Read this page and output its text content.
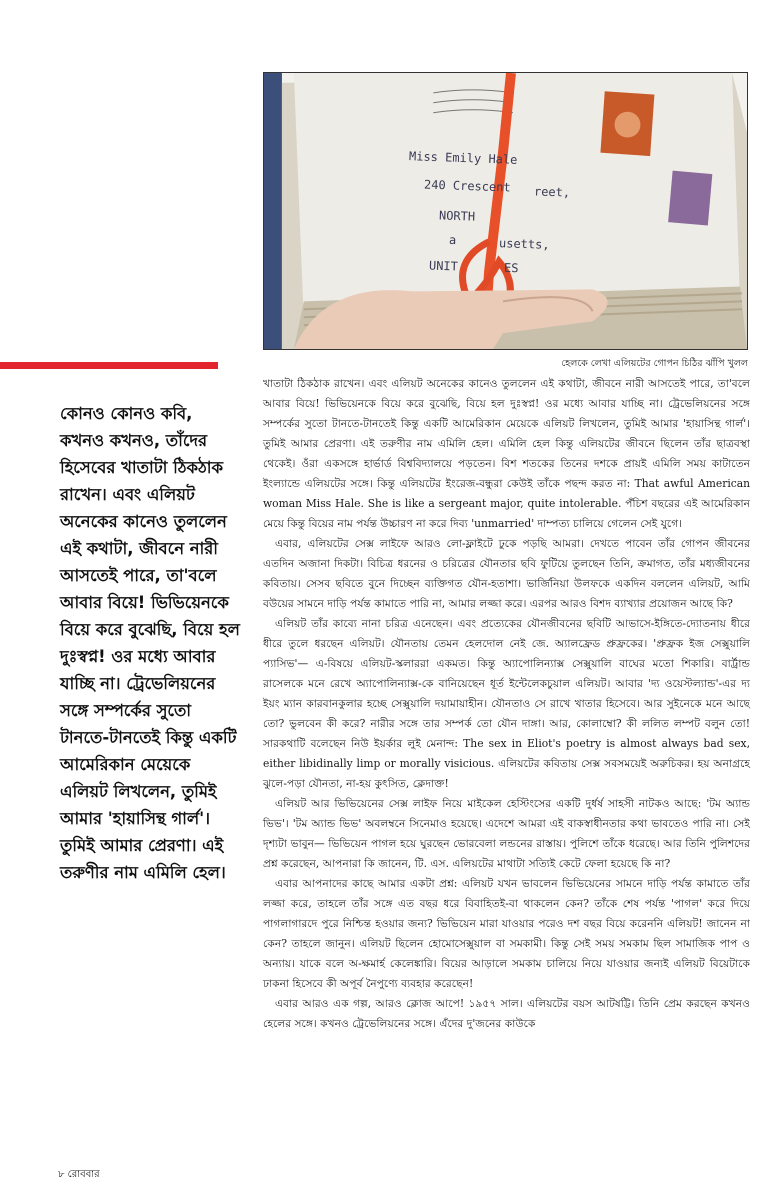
Miss Emily Hale
240 Crescent reet,
NORTH
a	usetts,
UNIT	ES
হেলকে লেখা এলিয়টের গোপন চিঠির ঝাঁপি খুলল
কোনও কোনও কবি, কখনও কখনও, তাঁদের হিসেবের খাতাটা ঠিকঠাক রাখেন। এবং এলিয়ট অনেকের কানেও তুললেন এই কথাটা, জীবনে নারী আসতেই পারে, তা'বলে আবার বিয়ে! ভিভিয়েনকে বিয়ে করে বুঝেছি, বিয়ে হল দুঃস্বপ্ন! ওর মধ্যে আবার যাচ্ছি না। ট্রেভেলিয়নের সঙ্গে সম্পর্কের সুতো টানতে-টানতেই কিন্তু একটি আমেরিকান মেয়েকে এলিয়ট লিখলেন, তুমিই আমার 'হায়াসিন্থ গার্ল'। তুমিই আমার প্রেরণা। এই তরুণীর নাম এমিলি হেল।

খাতাটা ঠিকঠাক রাখেন। এবং এলিয়ট অনেকের কানেও তুললেন এই কথাটা, জীবনে নারী আসতেই পারে, তা'বলে আবার বিয়ে! ভিভিয়েনকে বিয়ে করে বুঝেছি, বিয়ে হল দুঃস্বপ্ন! ওর মধ্যে আবার যাচ্ছি না। ট্রেভেলিয়নের সঙ্গে সম্পর্কের সুতো টানতে-টানতেই কিন্তু একটি আমেরিকান মেয়েকে এলিয়ট লিখলেন, তুমিই আমার 'হায়াসিন্থ গার্ল'। তুমিই আমার প্রেরণা। এই তরুণীর নাম এমিলি হেল। এমিলি হেল কিন্তু এলিয়টের জীবনে ছিলেন তাঁর ছাত্রবস্থা থেকেই। ওঁরা একসঙ্গে হার্ভার্ড বিশ্ববিদ্যালয়ে পড়তেন। বিশ শতকের তিনের দশকে প্রায়ই এমিলি সময় কাটাতেন ইংল্যান্ডে এলিয়টের সঙ্গে। কিন্তু এলিয়টের ইংরেজ-বন্ধুরা কেউই তাঁকে পছন্দ করত না: That awful American woman Miss Hale. She is like a sergeant major, quite intolerable. পঁচিশ বছরের এই আমেরিকান মেয়ে কিন্তু বিয়ের নাম পর্যন্ত উচ্চারণ না করে দিব্য 'unmarried' দাম্পত্য চালিয়ে গেলেন সেই যুগে।

এবার, এলিয়টের সেক্স লাইফে আরও লো-ফ্লাইটে ঢুকে পড়ছি আমরা। দেখতে পাবেন তাঁর গোপন জীবনের এতদিন অজানা দিকটা। বিচিত্র ধরনের ও চরিত্রের যৌনতার ছবি ফুটিয়ে তুলছেন তিনি, ক্রমাগত, তাঁর মধ্যজীবনের কবিতায়। সেসব ছবিতে বুনে দিচ্ছেন ব্যক্তিগত যৌন-হতাশা। ভার্জিনিয়া উলফকে একদিন বললেন এলিয়ট, আমি বউয়ের সামনে দাড়ি পর্যন্ত কামাতে পারি না, আমার লজ্জা করে। এরপর আরও বিশদ ব্যাখ্যার প্রয়োজন আছে কি?

এলিয়ট তাঁর কাব্যে নানা চরিত্র এনেছেন। এবং প্রত্যেকের যৌনজীবনের ছবিটি আভাসে-ইঙ্গিতে-দ্যোতনায় ধীরে ধীরে তুলে ধরছেন এলিয়ট। যৌনতায় তেমন হেলদোল নেই জে. অ্যালফ্রেড প্রুফ্রকের। 'প্রুফ্রক ইজ সেক্সুয়ালি প্যাসিভ'— এ-বিষয়ে এলিয়ট-স্কলাররা একমত। কিন্তু অ্যাপোলিন্যাক্স সেক্সুয়ালি বাঘের মতো শিকারি। বার্ট্রান্ড রাসেলকে মনে রেখে অ্যাপোলিন্যাক্স-কে বানিয়েছেন ধূর্ত ইন্টেলেকচুয়াল এলিয়ট। আবার 'দ্য ওয়েস্টল্যান্ড'-এর দ্য ইয়ং ম্যান কারবানকুলার হচ্ছে সেক্সুয়ালি দয়ামায়াহীন। যৌনতাও সে রাখে খাতার হিসেবে। আর সুইনেকে মনে আছে তো? ভুলবেন কী করে? নারীর সঙ্গে তার সম্পর্ক তো যৌন দাঙ্গা। আর, কোলাম্বো? কী ললিত লম্পট বলুন তো! সারকথাটি বলেছেন নিউ ইয়র্কার লুই মেনান্দ: The sex in Eliot's poetry is almost always bad sex, either libidinally limp or morally visicious. এলিয়টের কবিতায় সেক্স সবসময়েই অরুচিকর। হয় অনাগ্রহে ঝুলে-পড়া যৌনতা, না-হয় কুৎসিত, ক্লেদাক্ত!

এলিয়ট আর ভিভিয়েনের সেক্স লাইফ নিয়ে মাইকেল হেস্টিংসের একটি দুর্ধর্ষ সাহসী নাটকও আছে: 'টম অ্যান্ড ভিভ'। 'টম অ্যান্ড ভিভ' অবলম্বনে সিনেমাও হয়েছে। এদেশে আমরা এই বাকস্বাধীনতার কথা ভাবতেও পারি না। সেই দৃশ্যটা ভাবুন— ভিভিয়েন পাগল হয়ে ঘুরছেন ভোরবেলা লন্ডনের রাস্তায়। পুলিশে তাঁকে ধরেছে। আর তিনি পুলিশদের প্রশ্ন করেছেন, আপনারা কি জানেন, টি. এস. এলিয়টের মাথাটা সত্যিই কেটে ফেলা হয়েছে কি না?

এবার আপনাদের কাছে আমার একটা প্রশ্ন: এলিয়ট যখন ভাবলেন ভিভিয়েনের সামনে দাড়ি পর্যন্ত কামাতে তাঁর লজ্জা করে, তাহলে তাঁর সঙ্গে এত বছর ধরে বিবাহিতই-বা থাকলেন কেন? তাঁকে শেষ পর্যন্ত 'পাগল' করে দিয়ে পাগলাগারদে পুরে নিশ্চিন্ত হওয়ার জন্য? ভিভিয়েন মারা যাওয়ার পরেও দশ বছর বিয়ে করেননি এলিয়ট! জানেন না কেন? তাহলে জানুন। এলিয়ট ছিলেন হোমোসেক্সুয়াল বা সমকামী। কিন্তু সেই সময় সমকাম ছিল সামাজিক পাপ ও অন্যায়। যাকে বলে অ-ক্ষমার্হ কেলেঙ্কারি। বিয়ের আড়ালে সমকাম চালিয়ে নিয়ে যাওয়ার জন্যই এলিয়ট বিয়েটাকে ঢাকনা হিসেবে কী অপূর্ব নৈপুণ্যে ব্যবহার করেছেন!

এবার আরও এক গল্প, আরও ক্লোজ আপে! ১৯৫৭ সাল। এলিয়টের বয়স আটষট্টি। তিনি প্রেম করছেন কখনও হেলের সঙ্গে। কখনও ট্রেভেলিয়নের সঙ্গে। এঁদের দু'জনের কাউকে

৮ রোববার
